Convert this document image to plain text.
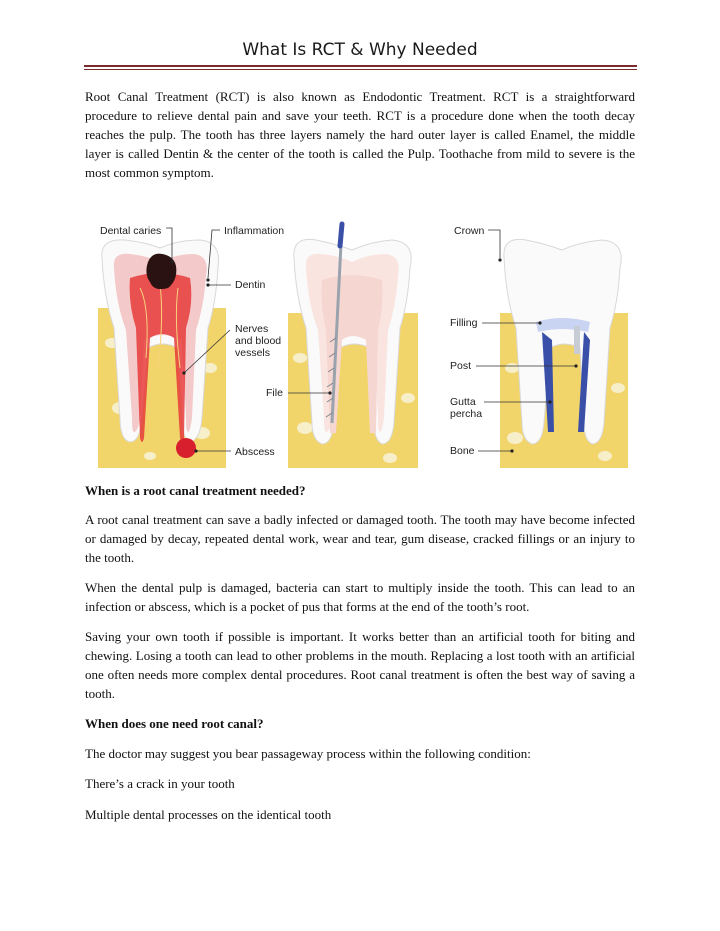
What Is RCT & Why Needed
Root Canal Treatment (RCT) is also known as Endodontic Treatment. RCT is a straightforward procedure to relieve dental pain and save your teeth. RCT is a procedure done when the tooth decay reaches the pulp. The tooth has three layers namely the hard outer layer is called Enamel, the middle layer is called Dentin & the center of the tooth is called the Pulp. Toothache from mild to severe is the most common symptom.
Dental caries	Inflammation
Dentin
Nerves
and blood
vessels
File
Abscess
Crown
Filling
Post
Gutta
percha
Bone
When is a root canal treatment needed?
A root canal treatment can save a badly infected or damaged tooth. The tooth may have become infected or damaged by decay, repeated dental work, wear and tear, gum disease, cracked fillings or an injury to the tooth.
When the dental pulp is damaged, bacteria can start to multiply inside the tooth. This can lead to an infection or abscess, which is a pocket of pus that forms at the end of the tooth’s root.
Saving your own tooth if possible is important. It works better than an artificial tooth for biting and chewing. Losing a tooth can lead to other problems in the mouth. Replacing a lost tooth with an artificial one often needs more complex dental procedures. Root canal treatment is often the best way of saving a tooth.
When does one need root canal?
The doctor may suggest you bear passageway process within the following condition:
There’s a crack in your tooth
Multiple dental processes on the identical tooth
